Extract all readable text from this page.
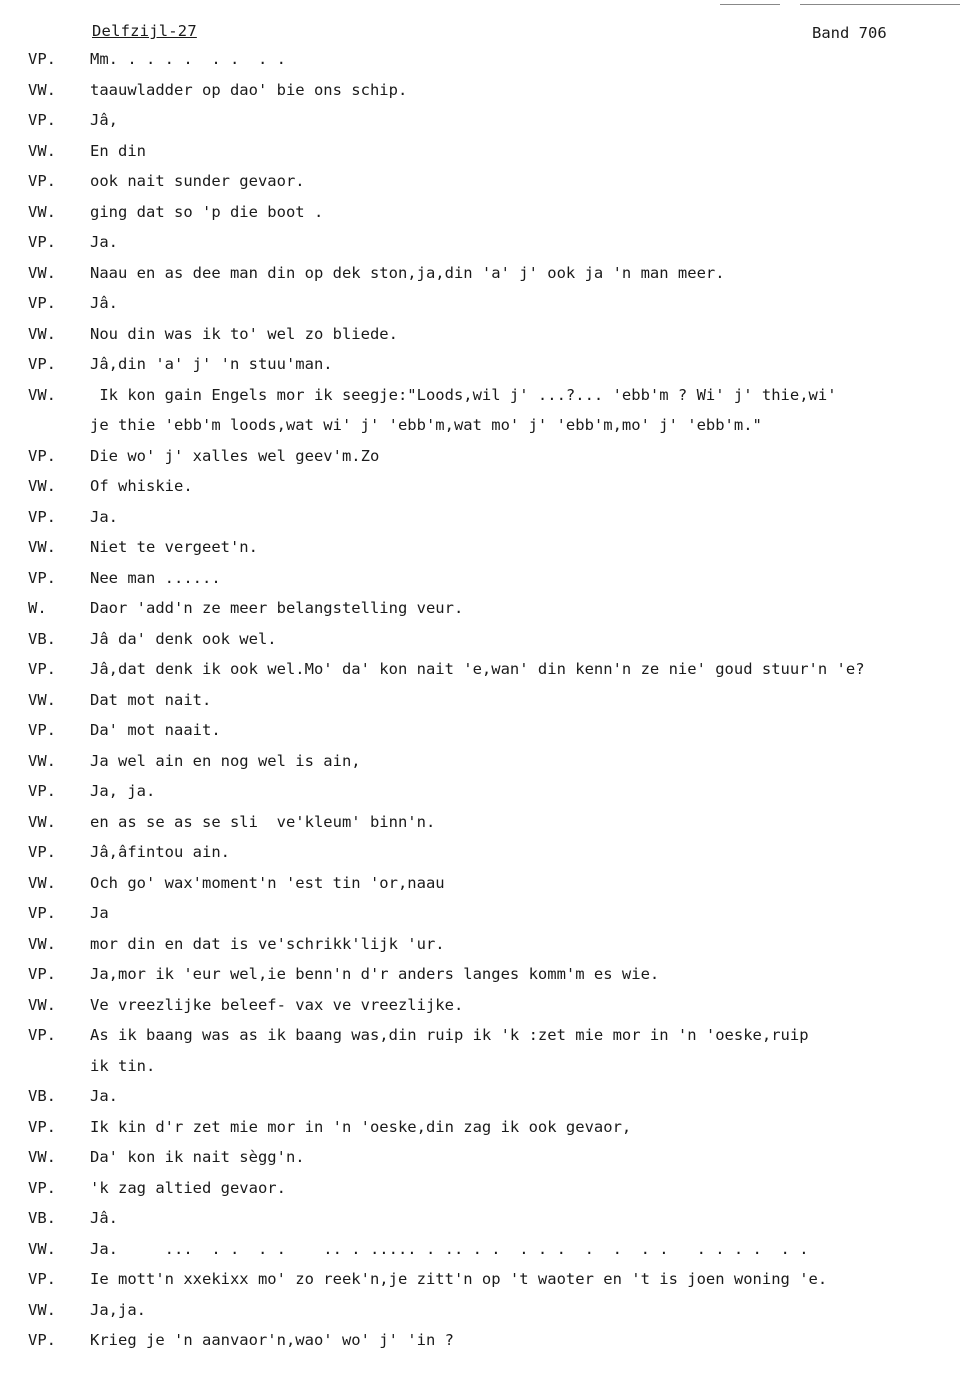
Delfzijl-27	Band 706
VP. Mm. . . . .  . .  . .
VW. taauwladder op dao' bie ons schip.
VP. Jâ,
VW. En din
VP. ook nait sunder gevaor.
VW. ging dat so 'p die boot .
VP. Ja.
VW. Naau en as dee man din op dek ston,ja,din 'a' j' ook ja 'n man meer.
VP. Jâ.
VW. Nou din was ik to' wel zo bliede.
VP. Jâ,din 'a' j' 'n stuu'man.
VW. Ik kon gain Engels mor ik seegje:"Loods,wil j' ...?... 'ebb'm ? Wi' j' thie,wi'
je thie 'ebb'm loods,wat wi' j' 'ebb'm,wat mo' j' 'ebb'm,mo' j' 'ebb'm."
VP. Die wo' j' xalles wel geev'm.Zo
VW. Of whiskie.
VP. Ja.
VW. Niet te vergeet'n.
VP. Nee man ......
W.	Daor 'add'n ze meer belangstelling veur.
VB. Jâ da' denk ook wel.
VP. Jâ,dat denk ik ook wel.Mo' da' kon nait 'e,wan' din kenn'n ze nie' goud stuur'n 'e?
VW. Dat mot nait.
VP. Da' mot naait.
VW. Ja wel ain en nog wel is ain,
VP. Ja, ja.
VW. en as se as se sli  ve'kleum' binn'n.
VP. Jâ,âfintou ain.
VW. Och go' wax'moment'n 'est tin 'or,naau
VP. Ja
VW. mor din en dat is ve'schrikk'lijk 'ur.
VP. Ja,mor ik 'eur wel,ie benn'n d'r anders langes komm'm es wie.
VW. Ve vreezlijke beleef- vax ve vreezlijke.
VP. As ik baang was as ik baang was,din ruip ik 'k :zet mie mor in 'n 'oeske,ruip
ik tin.
VB. Ja.
VP. Ik kin d'r zet mie mor in 'n 'oeske,din zag ik ook gevaor,
VW. Da' kon ik nait sègg'n.
VP. 'k zag altied gevaor.
VB. Jâ.
VW. Ja.     ...  . .  . .    .. . ..... . .. . .  . . .  .  .  . .   . . . .  . .
VP. Ie mott'n xxekixx mo' zo reek'n,je zitt'n op 't waoter en 't is joen woning 'e.
VW. Ja,ja.
VP. Krieg je 'n aanvaor'n,wao' wo' j' 'in ?
